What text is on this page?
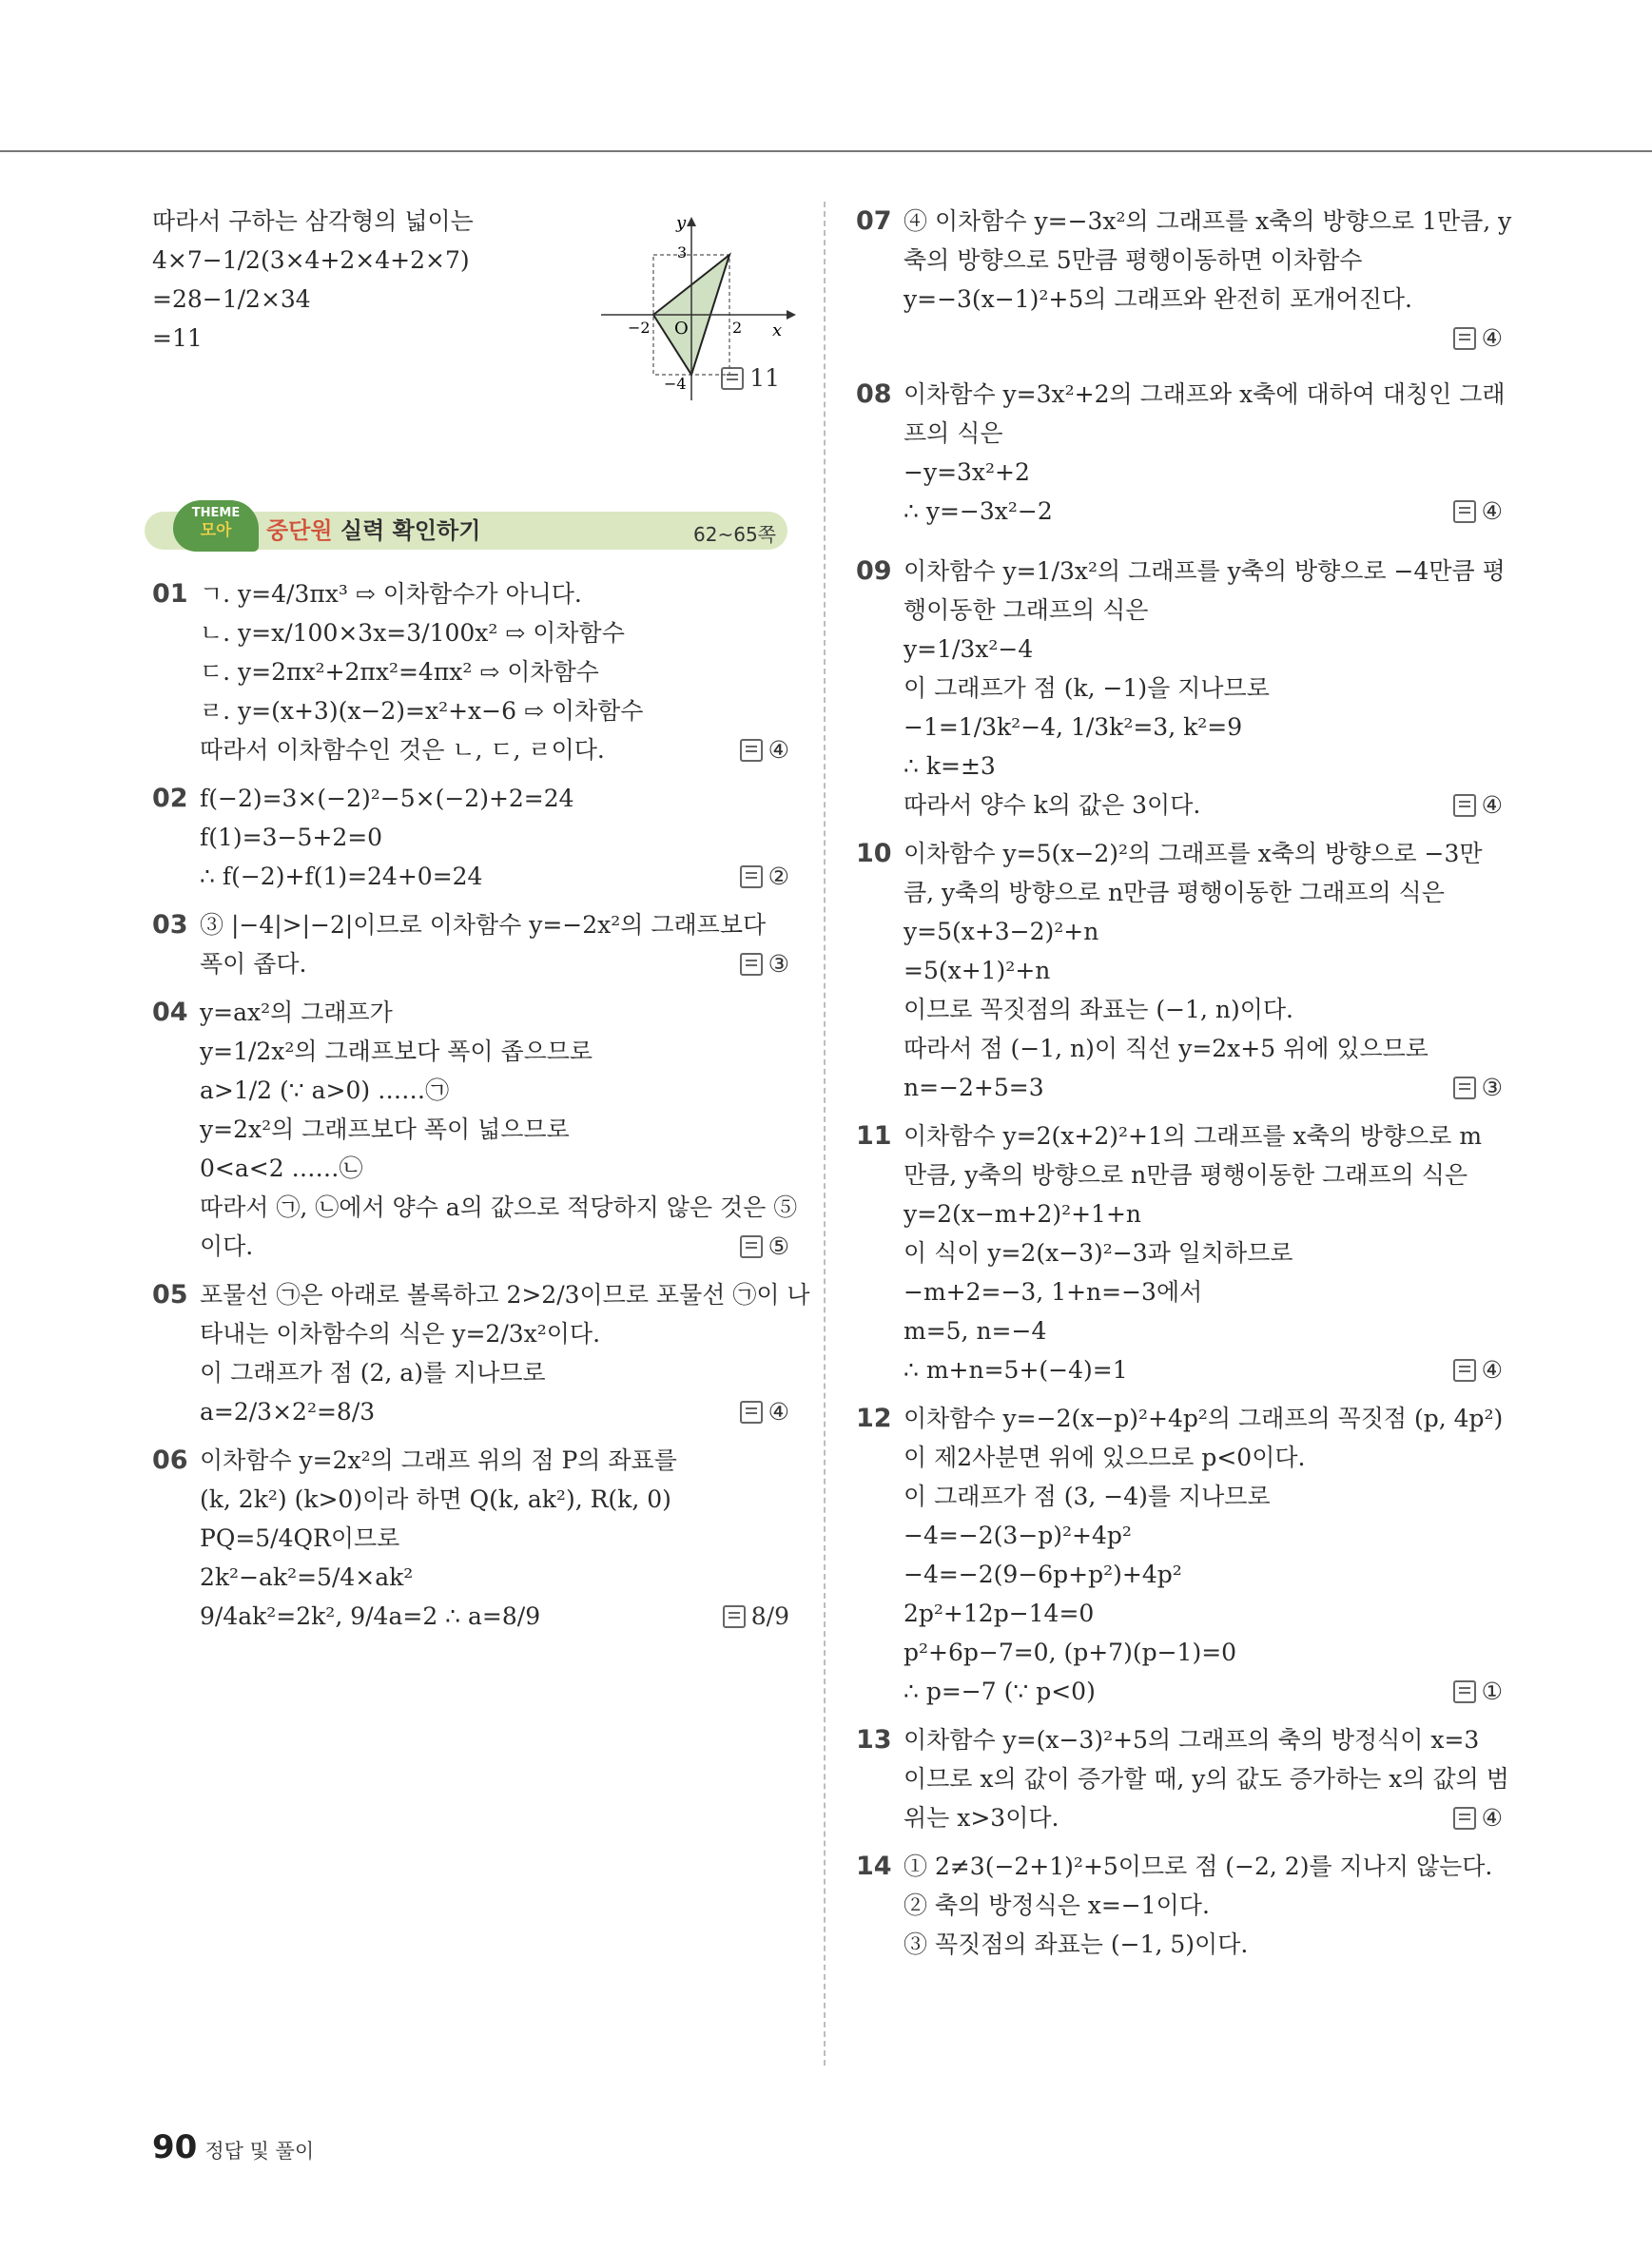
따라서 구하는 삼각형의 넓이는
4×7−1/2(3×4+2×4+2×7)
=28−1/2×34
=11
11
THEME
모아	중단원 실력 확인하기	62~65쪽
01 ㄱ. y=4/3πx³ ⇨ 이차함수가 아니다.
ㄴ. y=x/100×3x=3/100x² ⇨ 이차함수
ㄷ. y=2πx²+2πx²=4πx² ⇨ 이차함수
ㄹ. y=(x+3)(x−2)=x²+x−6 ⇨ 이차함수
따라서 이차함수인 것은 ㄴ, ㄷ, ㄹ이다.	④
02 f(−2)=3×(−2)²−5×(−2)+2=24
f(1)=3−5+2=0
∴ f(−2)+f(1)=24+0=24	②
03 ③ |−4|>|−2|이므로 이차함수 y=−2x²의 그래프보다
폭이 좁다.	③
04 y=ax²의 그래프가
y=1/2x²의 그래프보다 폭이 좁으므로
a>1/2 (∵ a>0) ……㉠
y=2x²의 그래프보다 폭이 넓으므로
0<a<2 ……㉡
따라서 ㉠, ㉡에서 양수 a의 값으로 적당하지 않은 것은 ⑤
이다.	⑤
05 포물선 ㉠은 아래로 볼록하고 2>2/3이므로 포물선 ㉠이 나
타내는 이차함수의 식은 y=2/3x²이다.
이 그래프가 점 (2, a)를 지나므로
a=2/3×2²=8/3	④
06 이차함수 y=2x²의 그래프 위의 점 P의 좌표를
(k, 2k²) (k>0)이라 하면 Q(k, ak²), R(k, 0)
PQ=5/4QR이므로
2k²−ak²=5/4×ak²
9/4ak²=2k², 9/4a=2 ∴ a=8/9	8/9
y
x
O
3
−4
−2	2
07 ④ 이차함수 y=−3x²의 그래프를 x축의 방향으로 1만큼, y
축의 방향으로 5만큼 평행이동하면 이차함수
y=−3(x−1)²+5의 그래프와 완전히 포개어진다.
④
08 이차함수 y=3x²+2의 그래프와 x축에 대하여 대칭인 그래
프의 식은
−y=3x²+2
∴ y=−3x²−2	④
09 이차함수 y=1/3x²의 그래프를 y축의 방향으로 −4만큼 평
행이동한 그래프의 식은
y=1/3x²−4
이 그래프가 점 (k, −1)을 지나므로
−1=1/3k²−4, 1/3k²=3, k²=9
∴ k=±3
따라서 양수 k의 값은 3이다.	④
10 이차함수 y=5(x−2)²의 그래프를 x축의 방향으로 −3만
큼, y축의 방향으로 n만큼 평행이동한 그래프의 식은
y=5(x+3−2)²+n
=5(x+1)²+n
이므로 꼭짓점의 좌표는 (−1, n)이다.
따라서 점 (−1, n)이 직선 y=2x+5 위에 있으므로
n=−2+5=3	③
11 이차함수 y=2(x+2)²+1의 그래프를 x축의 방향으로 m
만큼, y축의 방향으로 n만큼 평행이동한 그래프의 식은
y=2(x−m+2)²+1+n
이 식이 y=2(x−3)²−3과 일치하므로
−m+2=−3, 1+n=−3에서
m=5, n=−4
∴ m+n=5+(−4)=1	④
12 이차함수 y=−2(x−p)²+4p²의 그래프의 꼭짓점 (p, 4p²)
이 제2사분면 위에 있으므로 p<0이다.
이 그래프가 점 (3, −4)를 지나므로
−4=−2(3−p)²+4p²
−4=−2(9−6p+p²)+4p²
2p²+12p−14=0
p²+6p−7=0, (p+7)(p−1)=0
∴ p=−7 (∵ p<0)	①
13 이차함수 y=(x−3)²+5의 그래프의 축의 방정식이 x=3
이므로 x의 값이 증가할 때, y의 값도 증가하는 x의 값의 범
위는 x>3이다.	④
14 ① 2≠3(−2+1)²+5이므로 점 (−2, 2)를 지나지 않는다.
② 축의 방정식은 x=−1이다.
③ 꼭짓점의 좌표는 (−1, 5)이다.
90 정답 및 풀이
